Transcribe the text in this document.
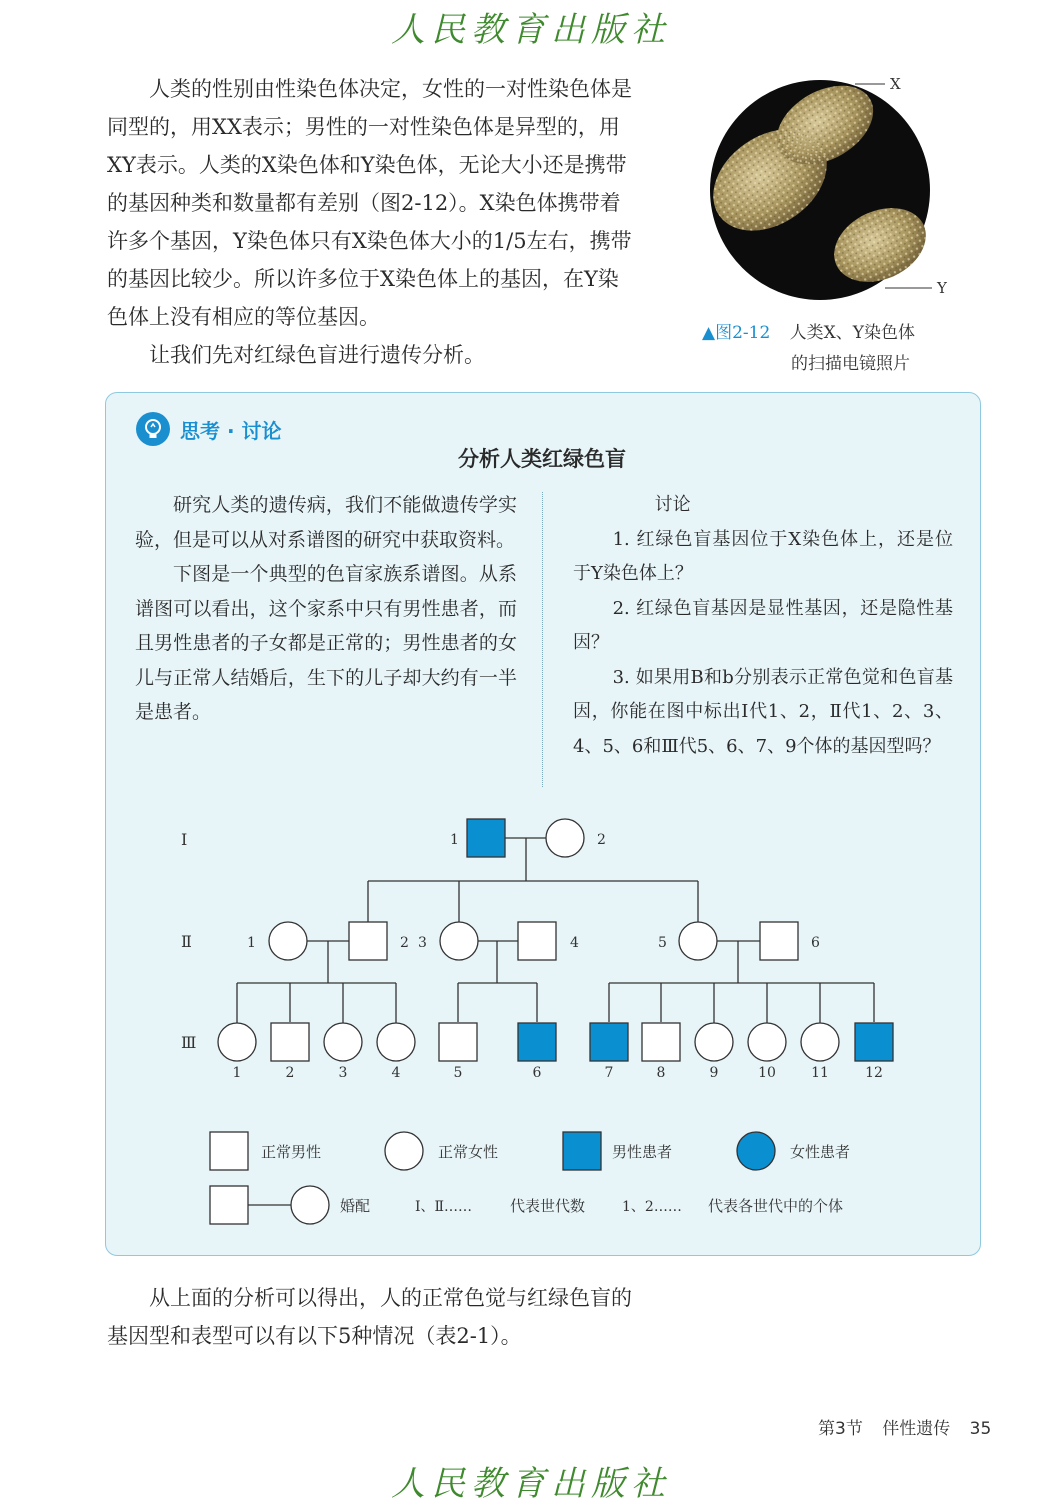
人民教育出版社

人类的性别由性染色体决定，女性的一对性染色体是

同型的，用XX表示；男性的一对性染色体是异型的，用

XY表示。人类的X染色体和Y染色体，无论大小还是携带

的基因种类和数量都有差别（图2-12）。X染色体携带着

许多个基因，Y染色体只有X染色体大小的1/5左右，携带

的基因比较少。所以许多位于X染色体上的基因，在Y染

色体上没有相应的等位基因。

让我们先对红绿色盲进行遗传分析。

X
Y
▲图2-12 人类X、Y染色体
的扫描电镜照片
思考 · 讨论
分析人类红绿色盲

研究人类的遗传病，我们不能做遗传学实验，但是可以从对系谱图的研究中获取资料。

下图是一个典型的色盲家族系谱图。从系谱图可以看出，这个家系中只有男性患者，而且男性患者的子女都是正常的；男性患者的女儿与正常人结婚后，生下的儿子却大约有一半是患者。

讨论

1. 红绿色盲基因位于X染色体上，还是位于Y染色体上？

2. 红绿色盲基因是显性基因，还是隐性基因？

3. 如果用B和b分别表示正常色觉和色盲基因，你能在图中标出Ⅰ代1、2，Ⅱ代1、2、3、4、5、6和Ⅲ代5、6、7、9个体的基因型吗？

1	2
1	2 3	4	5	6
1	2	3	4	5	6	7	8	9	10	11	12
Ⅰ
Ⅱ
Ⅲ
正常男性	正常女性	男性患者	女性患者
婚配	Ⅰ、Ⅱ……	代表世代数	1、2…… 代表各世代中的个体

从上面的分析可以得出，人的正常色觉与红绿色盲的

基因型和表型可以有以下5种情况（表2-1）。

第3节 伴性遗传 35
人民教育出版社
